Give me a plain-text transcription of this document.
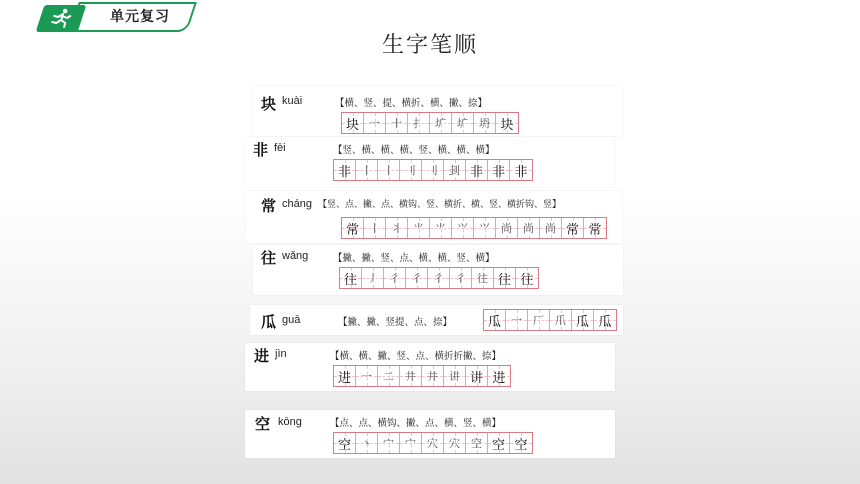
单元复习
生字笔顺
块 kuài	【横、竖、提、横折、横、撇、捺】
块 一 十 扌 圹 圹 坍 块
非 fēi	【竖、横、横、横、竖、横、横、横】
非 丨 丨 刂 刂 刲 非 非 非
常 cháng 【竖、点、撇、点、横钩、竖、横折、横、竖、横折钩、竖】
常 丨 丬 ⺌ ⺌ ⺍ ⺍ 尚 尚 尚 常 常
往 wǎng	【撇、撇、竖、点、横、横、竖、横】
往 丿 彳 彳 彳 彳 往 往 往
瓜 guā	【撇、撇、竖提、点、捺】	瓜 一 厂 爪 瓜 瓜
进 jìn	【横、横、撇、竖、点、横折折撇、捺】
进 一 二 井 井 讲 讲 进
空 kōng	【点、点、横钩、撇、点、横、竖、横】
空 丶 宀 宀 穴 穴 空 空 空
